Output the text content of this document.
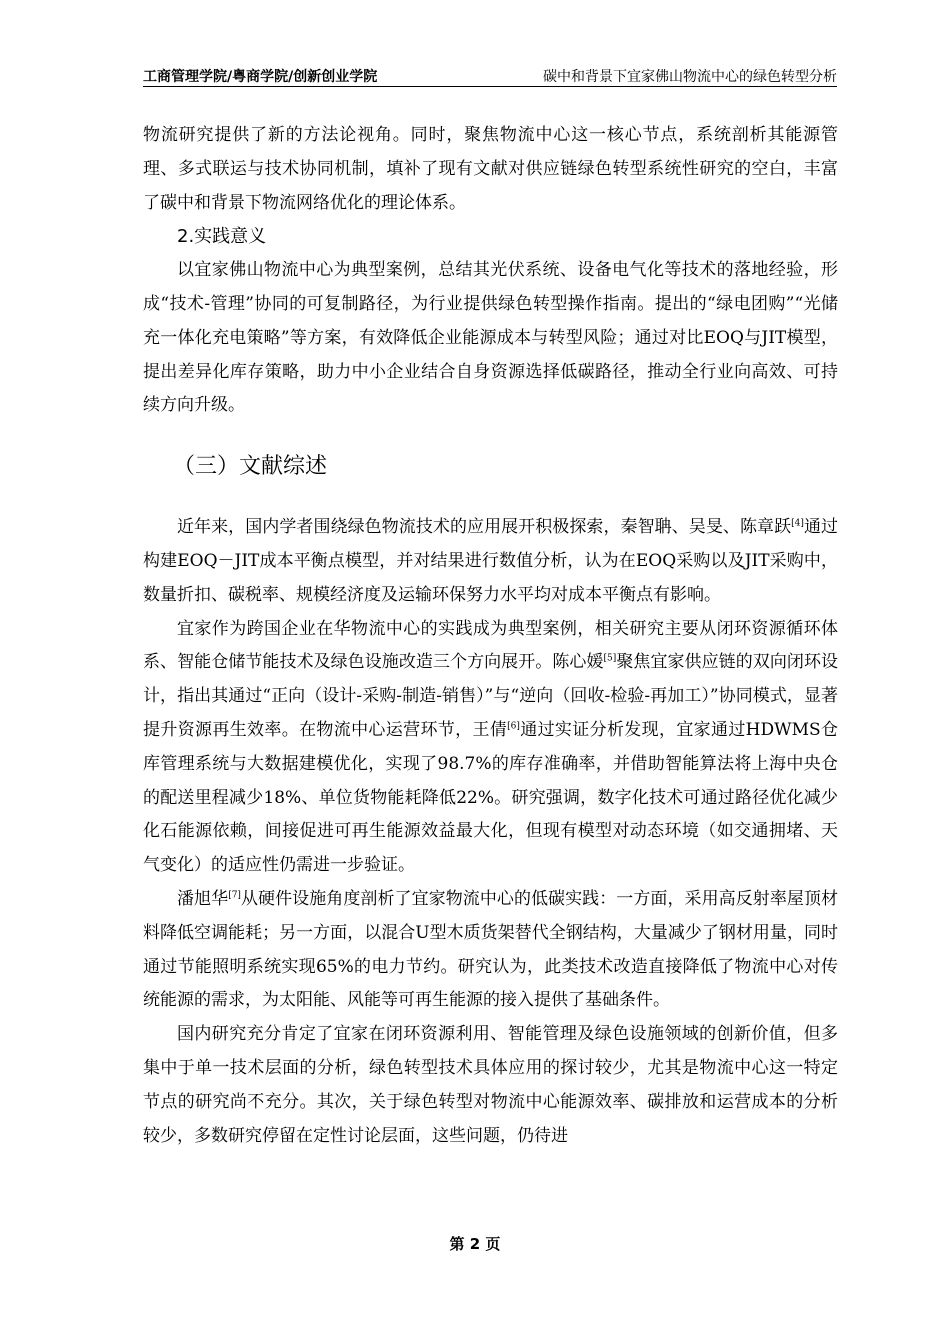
工商管理学院/粤商学院/创新创业学院	碳中和背景下宜家佛山物流中心的绿色转型分析

物流研究提供了新的方法论视角。同时，聚焦物流中心这一核心节点，系统剖析其能源管理、多式联运与技术协同机制，填补了现有文献对供应链绿色转型系统性研究的空白，丰富了碳中和背景下物流网络优化的理论体系。

2.实践意义

以宜家佛山物流中心为典型案例，总结其光伏系统、设备电气化等技术的落地经验，形成“技术-管理”协同的可复制路径，为行业提供绿色转型操作指南。提出的“绿电团购”“光储充一体化充电策略”等方案，有效降低企业能源成本与转型风险；通过对比EOQ与JIT模型，提出差异化库存策略，助力中小企业结合自身资源选择低碳路径，推动全行业向高效、可持续方向升级。

（三）文献综述

近年来，国内学者围绕绿色物流技术的应用展开积极探索，秦智聃、吴旻、陈章跃[4]通过构建EOQ－JIT成本平衡点模型，并对结果进行数值分析，认为在EOQ采购以及JIT采购中，数量折扣、碳税率、规模经济度及运输环保努力水平均对成本平衡点有影响。

宜家作为跨国企业在华物流中心的实践成为典型案例，相关研究主要从闭环资源循环体系、智能仓储节能技术及绿色设施改造三个方向展开。陈心媛[5]聚焦宜家供应链的双向闭环设计，指出其通过“正向（设计-采购-制造-销售）”与“逆向（回收-检验-再加工）”协同模式，显著提升资源再生效率。在物流中心运营环节，王倩[6]通过实证分析发现，宜家通过HDWMS仓库管理系统与大数据建模优化，实现了98.7%的库存准确率，并借助智能算法将上海中央仓的配送里程减少18%、单位货物能耗降低22%。研究强调，数字化技术可通过路径优化减少化石能源依赖，间接促进可再生能源效益最大化，但现有模型对动态环境（如交通拥堵、天气变化）的适应性仍需进一步验证。

潘旭华[7]从硬件设施角度剖析了宜家物流中心的低碳实践：一方面，采用高反射率屋顶材料降低空调能耗；另一方面，以混合U型木质货架替代全钢结构，大量减少了钢材用量，同时通过节能照明系统实现65%的电力节约。研究认为，此类技术改造直接降低了物流中心对传统能源的需求，为太阳能、风能等可再生能源的接入提供了基础条件。

国内研究充分肯定了宜家在闭环资源利用、智能管理及绿色设施领域的创新价值，但多集中于单一技术层面的分析，绿色转型技术具体应用的探讨较少，尤其是物流中心这一特定节点的研究尚不充分。其次，关于绿色转型对物流中心能源效率、碳排放和运营成本的分析较少，多数研究停留在定性讨论层面，这些问题，仍待进

第 2 页
